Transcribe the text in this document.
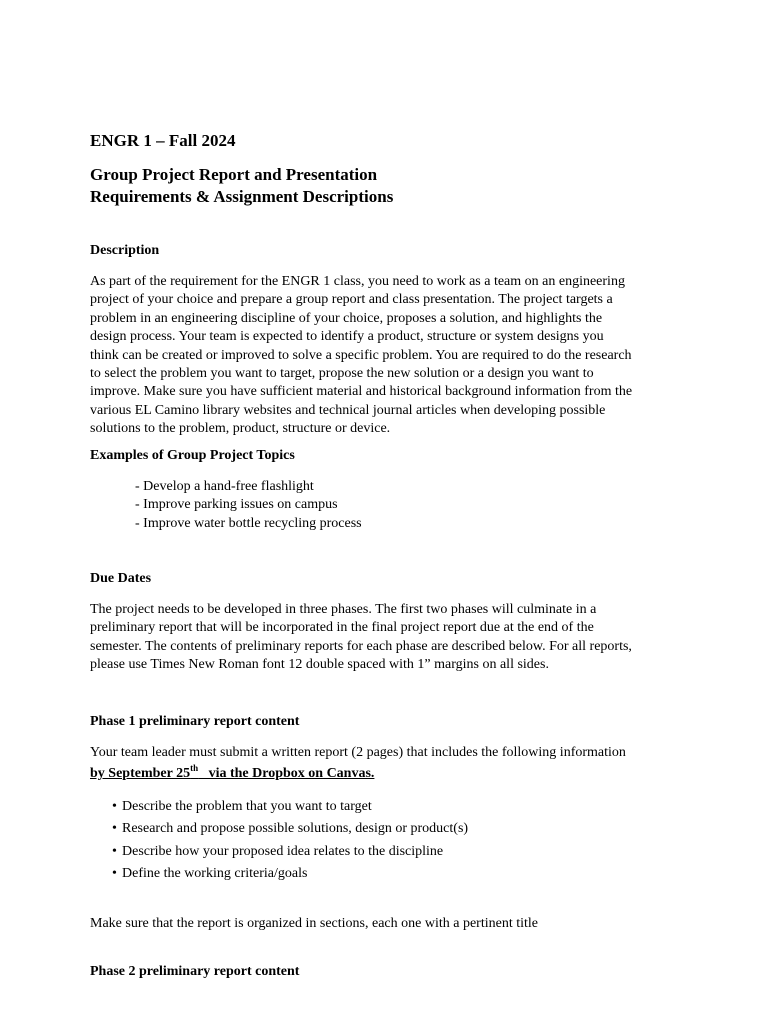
ENGR 1 – Fall 2024
Group Project Report and Presentation
Requirements & Assignment Descriptions
Description
As part of the requirement for the ENGR 1 class, you need to work as a team on an engineering
project of your choice and prepare a group report and class presentation. The project targets a
problem in an engineering discipline of your choice, proposes a solution, and highlights the
design process. Your team is expected to identify a product, structure or system designs you
think can be created or improved to solve a specific problem. You are required to do the research
to select the problem you want to target, propose the new solution or a design you want to
improve. Make sure you have sufficient material and historical background information from the
various EL Camino library websites and technical journal articles when developing possible
solutions to the problem, product, structure or device.
Examples of Group Project Topics
- Develop a hand-free flashlight
- Improve parking issues on campus
- Improve water bottle recycling process
Due Dates
The project needs to be developed in three phases. The first two phases will culminate in a
preliminary report that will be incorporated in the final project report due at the end of the
semester. The contents of preliminary reports for each phase are described below. For all reports,
please use Times New Roman font 12 double spaced with 1” margins on all sides.
Phase 1 preliminary report content
Your team leader must submit a written report (2 pages) that includes the following information
by September 25th   via the Dropbox on Canvas.
• Describe the problem that you want to target
• Research and propose possible solutions, design or product(s)
• Describe how your proposed idea relates to the discipline
• Define the working criteria/goals
Make sure that the report is organized in sections, each one with a pertinent title
Phase 2 preliminary report content
